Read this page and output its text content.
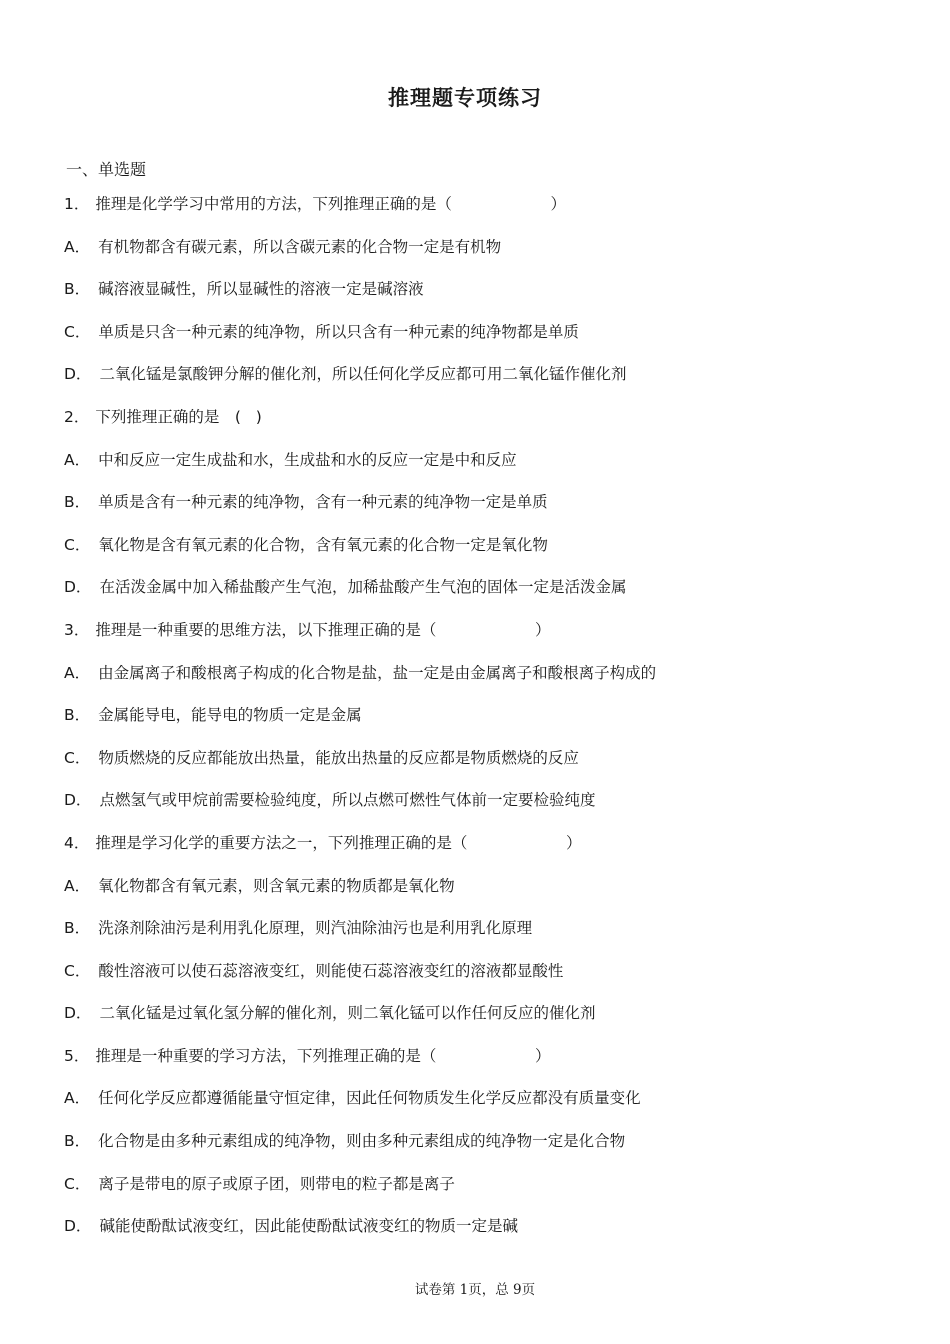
推理题专项练习
一、单选题
1． 推理是化学学习中常用的方法，下列推理正确的是（	）
A． 有机物都含有碳元素，所以含碳元素的化合物一定是有机物
B． 碱溶液显碱性，所以显碱性的溶液一定是碱溶液
C． 单质是只含一种元素的纯净物，所以只含有一种元素的纯净物都是单质
D． 二氧化锰是氯酸钾分解的催化剂，所以任何化学反应都可用二氧化锰作催化剂
2． 下列推理正确的是　( )
A． 中和反应一定生成盐和水，生成盐和水的反应一定是中和反应
B． 单质是含有一种元素的纯净物，含有一种元素的纯净物一定是单质
C． 氧化物是含有氧元素的化合物，含有氧元素的化合物一定是氧化物
D． 在活泼金属中加入稀盐酸产生气泡，加稀盐酸产生气泡的固体一定是活泼金属
3． 推理是一种重要的思维方法，以下推理正确的是（	）
A． 由金属离子和酸根离子构成的化合物是盐，盐一定是由金属离子和酸根离子构成的
B． 金属能导电，能导电的物质一定是金属
C． 物质燃烧的反应都能放出热量，能放出热量的反应都是物质燃烧的反应
D． 点燃氢气或甲烷前需要检验纯度，所以点燃可燃性气体前一定要检验纯度
4． 推理是学习化学的重要方法之一，下列推理正确的是（	）
A． 氧化物都含有氧元素，则含氧元素的物质都是氧化物
B． 洗涤剂除油污是利用乳化原理，则汽油除油污也是利用乳化原理
C． 酸性溶液可以使石蕊溶液变红，则能使石蕊溶液变红的溶液都显酸性
D． 二氧化锰是过氧化氢分解的催化剂，则二氧化锰可以作任何反应的催化剂
5． 推理是一种重要的学习方法，下列推理正确的是（	）
A． 任何化学反应都遵循能量守恒定律，因此任何物质发生化学反应都没有质量变化
B． 化合物是由多种元素组成的纯净物，则由多种元素组成的纯净物一定是化合物
C． 离子是带电的原子或原子团，则带电的粒子都是离子
D． 碱能使酚酞试液变红，因此能使酚酞试液变红的物质一定是碱
试卷第 1页，总 9页
